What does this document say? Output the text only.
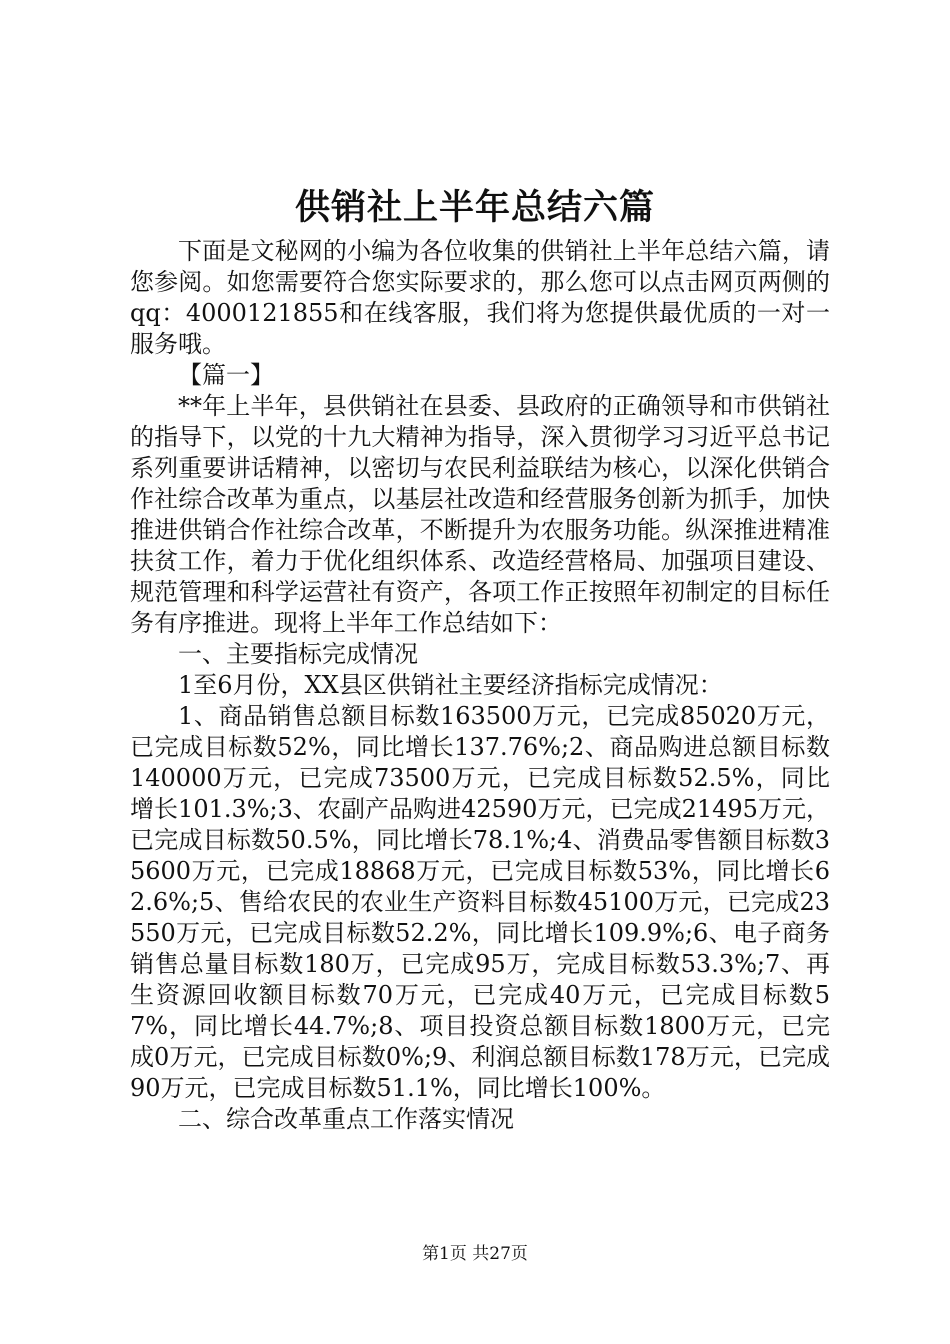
供销社上半年总结六篇

下面是文秘网的小编为各位收集的供销社上半年总结六篇，请您参阅。如您需要符合您实际要求的，那么您可以点击网页两侧的qq：4000121855和在线客服，我们将为您提供最优质的一对一服务哦。

【篇一】

**年上半年，县供销社在县委、县政府的正确领导和市供销社的指导下，以党的十九大精神为指导，深入贯彻学习习近平总书记系列重要讲话精神，以密切与农民利益联结为核心，以深化供销合作社综合改革为重点，以基层社改造和经营服务创新为抓手，加快推进供销合作社综合改革，不断提升为农服务功能。纵深推进精准扶贫工作，着力于优化组织体系、改造经营格局、加强项目建设、规范管理和科学运营社有资产，各项工作正按照年初制定的目标任务有序推进。现将上半年工作总结如下：

一、主要指标完成情况

1至6月份，XX县区供销社主要经济指标完成情况：

1、商品销售总额目标数163500万元，已完成85020万元，已完成目标数52%，同比增长137.76%;2、商品购进总额目标数140000万元，已完成73500万元，已完成目标数52.5%，同比增长101.3%;3、农副产品购进42590万元，已完成21495万元，已完成目标数50.5%，同比增长78.1%;4、消费品零售额目标数35600万元，已完成18868万元，已完成目标数53%，同比增长62.6%;5、售给农民的农业生产资料目标数45100万元，已完成23550万元，已完成目标数52.2%，同比增长109.9%;6、电子商务销售总量目标数180万，已完成95万，完成目标数53.3%;7、再生资源回收额目标数70万元，已完成40万元，已完成目标数57%，同比增长44.7%;8、项目投资总额目标数1800万元，已完成0万元，已完成目标数0%;9、利润总额目标数178万元，已完成90万元，已完成目标数51.1%，同比增长100%。

二、综合改革重点工作落实情况

第1页 共27页
